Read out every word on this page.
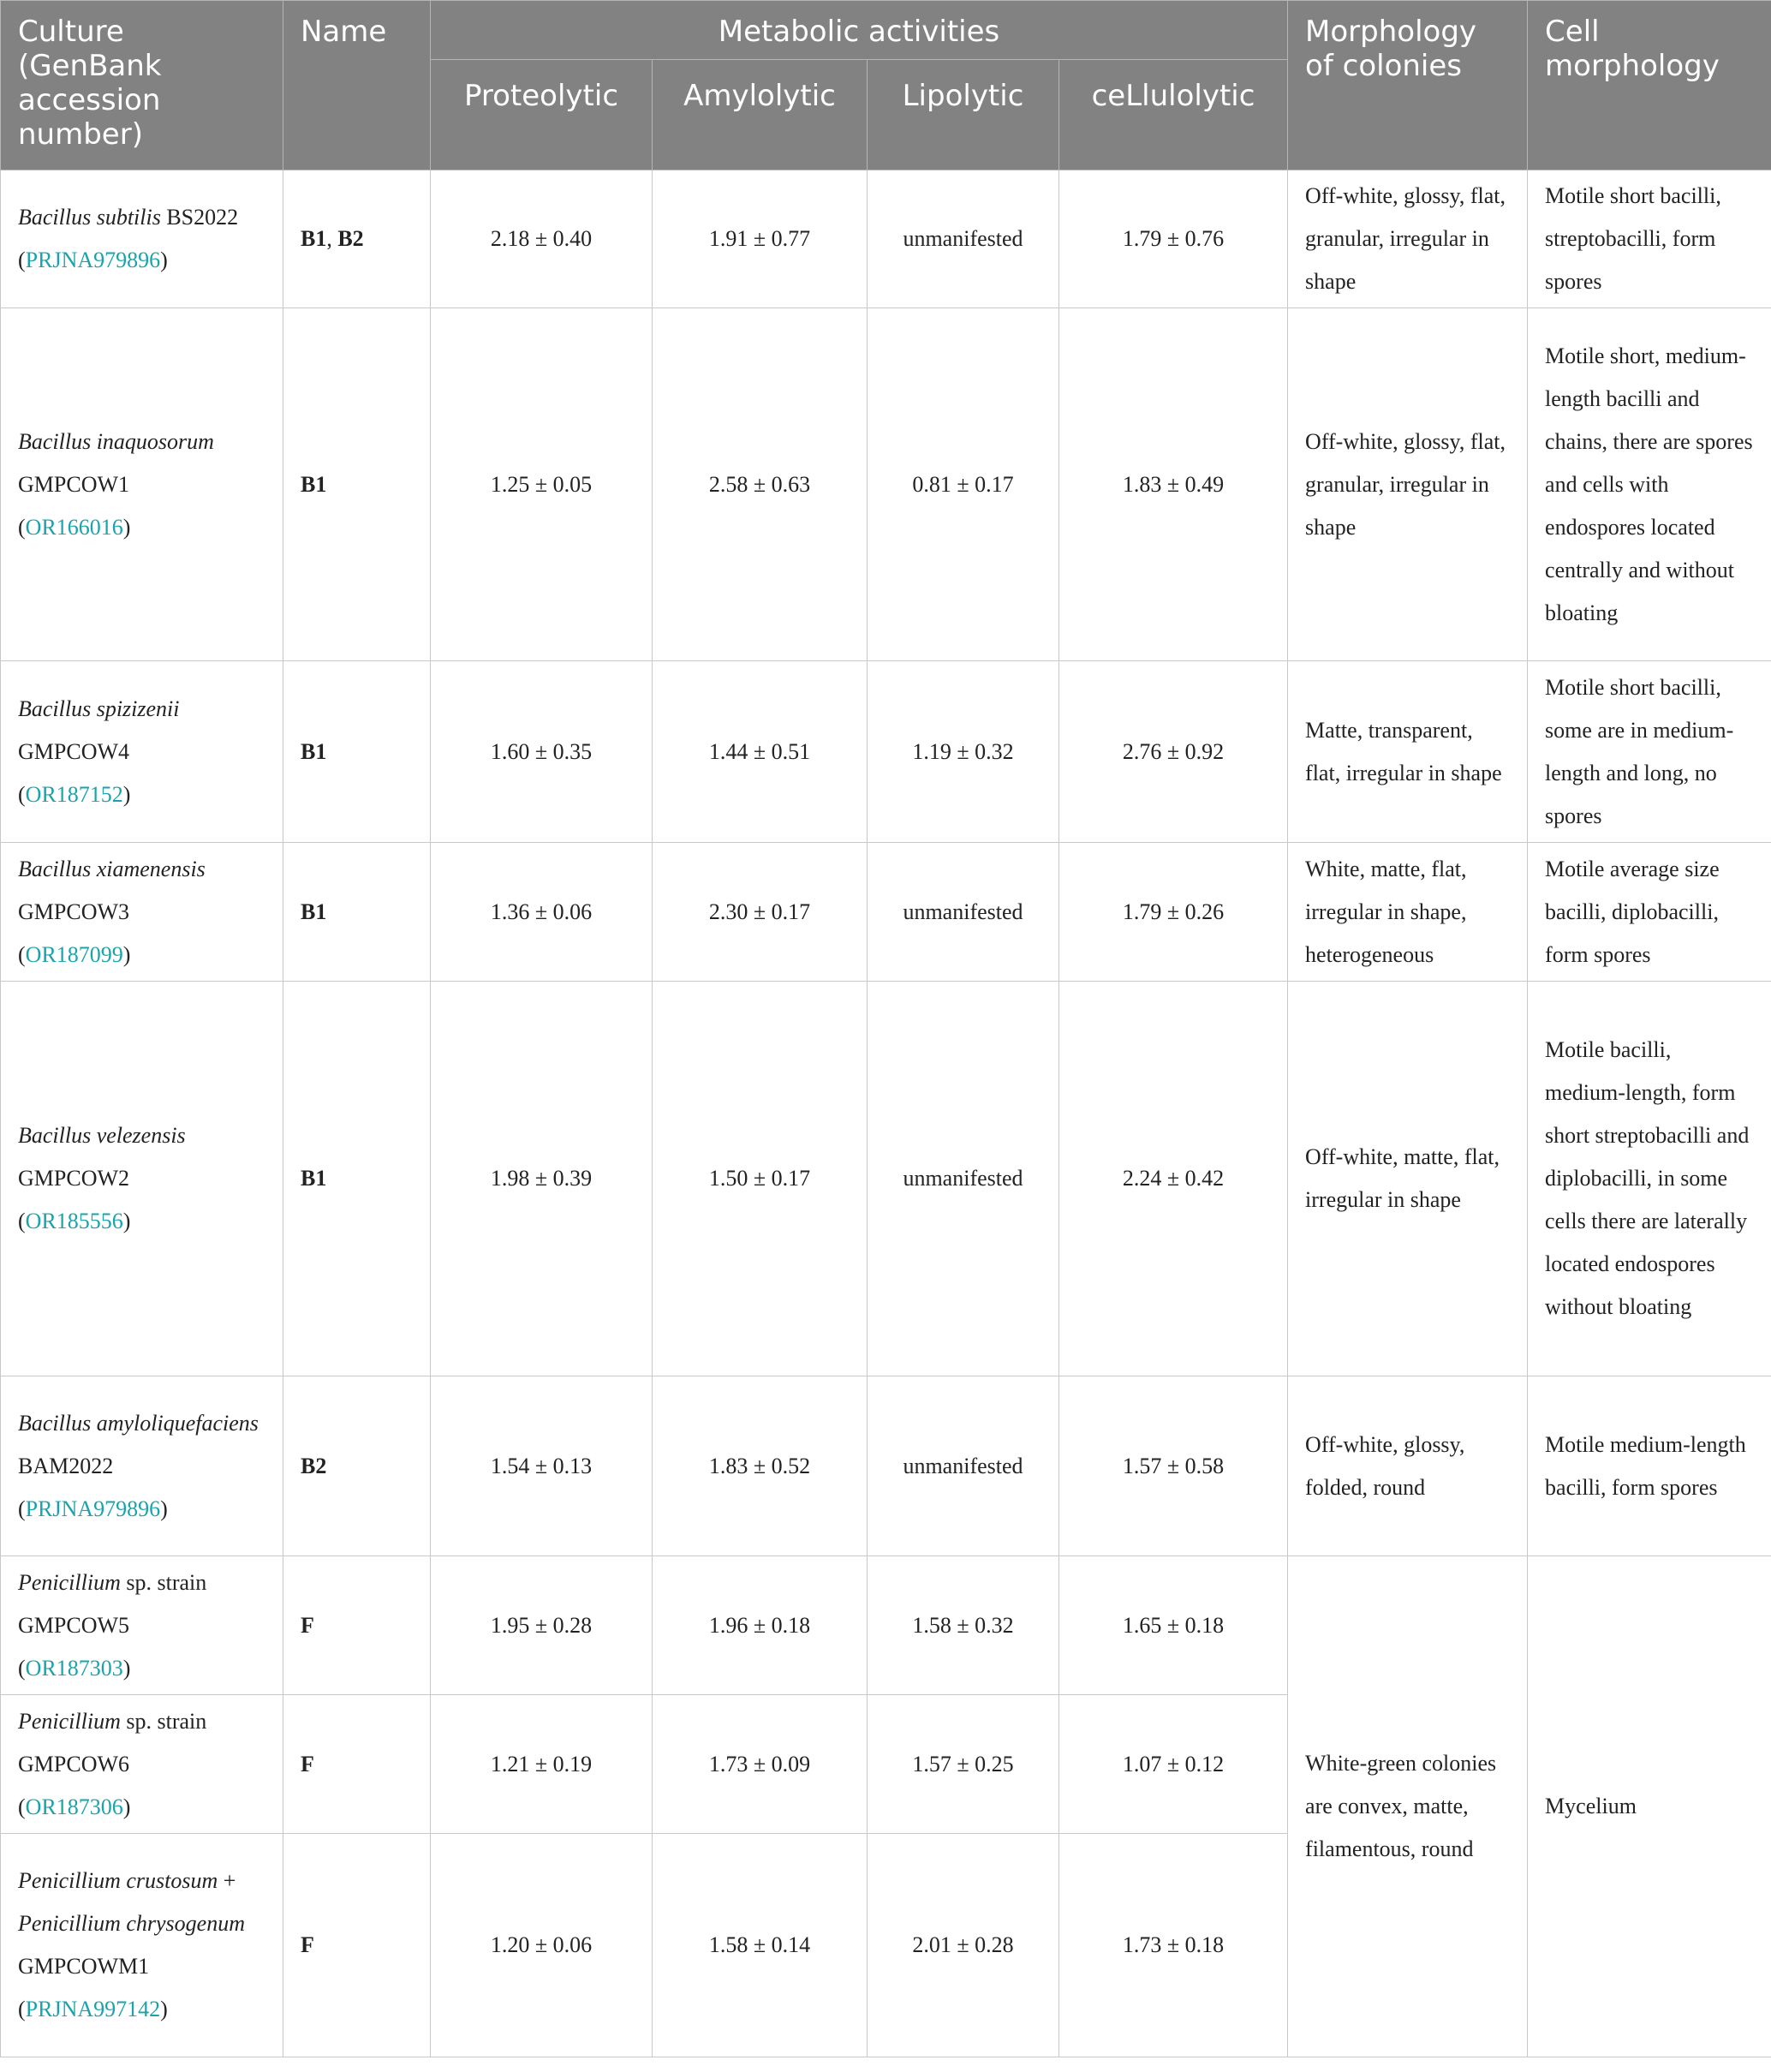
Culture (GenBank accession number)	Name	Metabolic activities				Morphology of colonies	Cell morphology
		Proteolytic	Amylolytic	Lipolytic	ceLlulolytic		
Bacillus subtilis BS2022
(PRJNA979896)	B1, B2	2.18 ± 0.40	1.91 ± 0.77	unmanifested	1.79 ± 0.76	Off-white, glossy, flat, granular, irregular in shape	Motile short bacilli, streptobacilli, form spores
Bacillus inaquosorum
GMPCOW1
(OR166016)	B1	1.25 ± 0.05	2.58 ± 0.63	0.81 ± 0.17	1.83 ± 0.49	Off-white, glossy, flat, granular, irregular in shape	Motile short, medium-length bacilli and chains, there are spores and cells with endospores located centrally and without bloating
Bacillus spizizenii
GMPCOW4
(OR187152)	B1	1.60 ± 0.35	1.44 ± 0.51	1.19 ± 0.32	2.76 ± 0.92	Matte, transparent, flat, irregular in shape	Motile short bacilli, some are in medium-length and long, no spores
Bacillus xiamenensis
GMPCOW3
(OR187099)	B1	1.36 ± 0.06	2.30 ± 0.17	unmanifested	1.79 ± 0.26	White, matte, flat, irregular in shape, heterogeneous	Motile average size bacilli, diplobacilli, form spores
Bacillus velezensis
GMPCOW2
(OR185556)	B1	1.98 ± 0.39	1.50 ± 0.17	unmanifested	2.24 ± 0.42	Off-white, matte, flat, irregular in shape	Motile bacilli, medium-length, form short streptobacilli and diplobacilli, in some cells there are laterally located endospores without bloating
Bacillus amyloliquefaciens
BAM2022
(PRJNA979896)	B2	1.54 ± 0.13	1.83 ± 0.52	unmanifested	1.57 ± 0.58	Off-white, glossy, folded, round	Motile medium-length bacilli, form spores
Penicillium sp. strain GMPCOW5
(OR187303)	F	1.95 ± 0.28	1.96 ± 0.18	1.58 ± 0.32	1.65 ± 0.18	White-green colonies are convex, matte, filamentous, round	Mycelium
Penicillium sp. strain GMPCOW6
(OR187306)	F	1.21 ± 0.19	1.73 ± 0.09	1.57 ± 0.25	1.07 ± 0.12		
Penicillium crustosum + Penicillium chrysogenum
GMPCOWM1
(PRJNA997142)	F	1.20 ± 0.06	1.58 ± 0.14	2.01 ± 0.28	1.73 ± 0.18		
